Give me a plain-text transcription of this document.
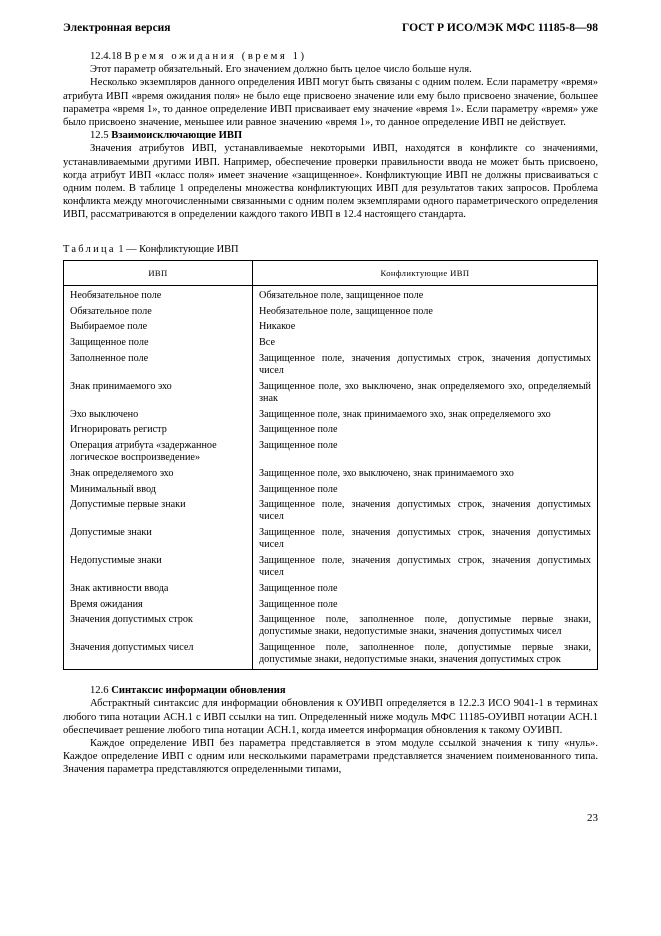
Электронная версия	ГОСТ Р ИСО/МЭК МФС 11185-8—98
12.4.18 Время ожидания (время 1)

Этот параметр обязательный. Его значением должно быть целое число больше нуля.

Несколько экземпляров данного определения ИВП могут быть связаны с одним полем. Если параметру «время» атрибута ИВП «время ожидания поля» не было еще присвоено значение или ему было присвоено значение, большее параметра «время 1», то данное определение ИВП присваивает ему значение «время 1». Если параметру «время» уже было присвоено значение, меньшее или равное значению «время 1», то данное определение ИВП не действует.

12.5 Взаимоисключающие ИВП

Значения атрибутов ИВП, устанавливаемые некоторыми ИВП, находятся в конфликте со значениями, устанавливаемыми другими ИВП. Например, обеспечение проверки правильности ввода не может быть присвоено, когда атрибут ИВП «класс поля» имеет значение «защищенное». Конфликтующие ИВП не должны присваиваться с одним полем. В таблице 1 определены множества конфликтующих ИВП для результатов таких запросов. Проблема конфликта между многочисленными связанными с одним полем экземплярами одного параметрического определения ИВП, рассматриваются в определении каждого такого ИВП в 12.4 настоящего стандарта.

Таблица 1 — Конфликтующие ИВП
ИВП	Конфликтующие ИВП
Необязательное поле	Обязательное поле, защищенное поле
Обязательное поле	Необязательное поле, защищенное поле
Выбираемое поле	Никакое
Защищенное поле	Все
Заполненное поле	Защищенное поле, значения допустимых строк, значения допустимых чисел
Знак принимаемого эхо	Защищенное поле, эхо выключено, знак определяемого эхо, определяемый знак
Эхо выключено	Защищенное поле, знак принимаемого эхо, знак определяемого эхо
Игнорировать регистр	Защищенное поле
Операция атрибута «задержанное логическое воспроизведение»	Защищенное поле
Знак определяемого эхо	Защищенное поле, эхо выключено, знак принимаемого эхо
Минимальный ввод	Защищенное поле
Допустимые первые знаки	Защищенное поле, значения допустимых строк, значения допустимых чисел
Допустимые знаки	Защищенное поле, значения допустимых строк, значения допустимых чисел
Недопустимые знаки	Защищенное поле, значения допустимых строк, значения допустимых чисел
Знак активности ввода	Защищенное поле
Время ожидания	Защищенное поле
Значения допустимых строк	Защищенное поле, заполненное поле, допустимые первые знаки, допустимые знаки, недопустимые знаки, значения допустимых чисел
Значения допустимых чисел	Защищенное поле, заполненное поле, допустимые первые знаки, допустимые знаки, недопустимые знаки, значения допустимых строк
12.6 Синтаксис информации обновления

Абстрактный синтаксис для информации обновления к ОУИВП определяется в 12.2.3 ИСО 9041-1 в терминах любого типа нотации АСН.1 с ИВП ссылки на тип. Определенный ниже модуль МФС 11185-ОУИВП нотации АСН.1 обеспечивает решение любого типа нотации АСН.1, когда имеется информация обновления к такому ОУИВП.

Каждое определение ИВП без параметра представляется в этом модуле ссылкой значения к типу «нуль». Каждое определение ИВП с одним или несколькими параметрами представляется значением поименованного типа. Значения параметра представляются определенными типами,

23
